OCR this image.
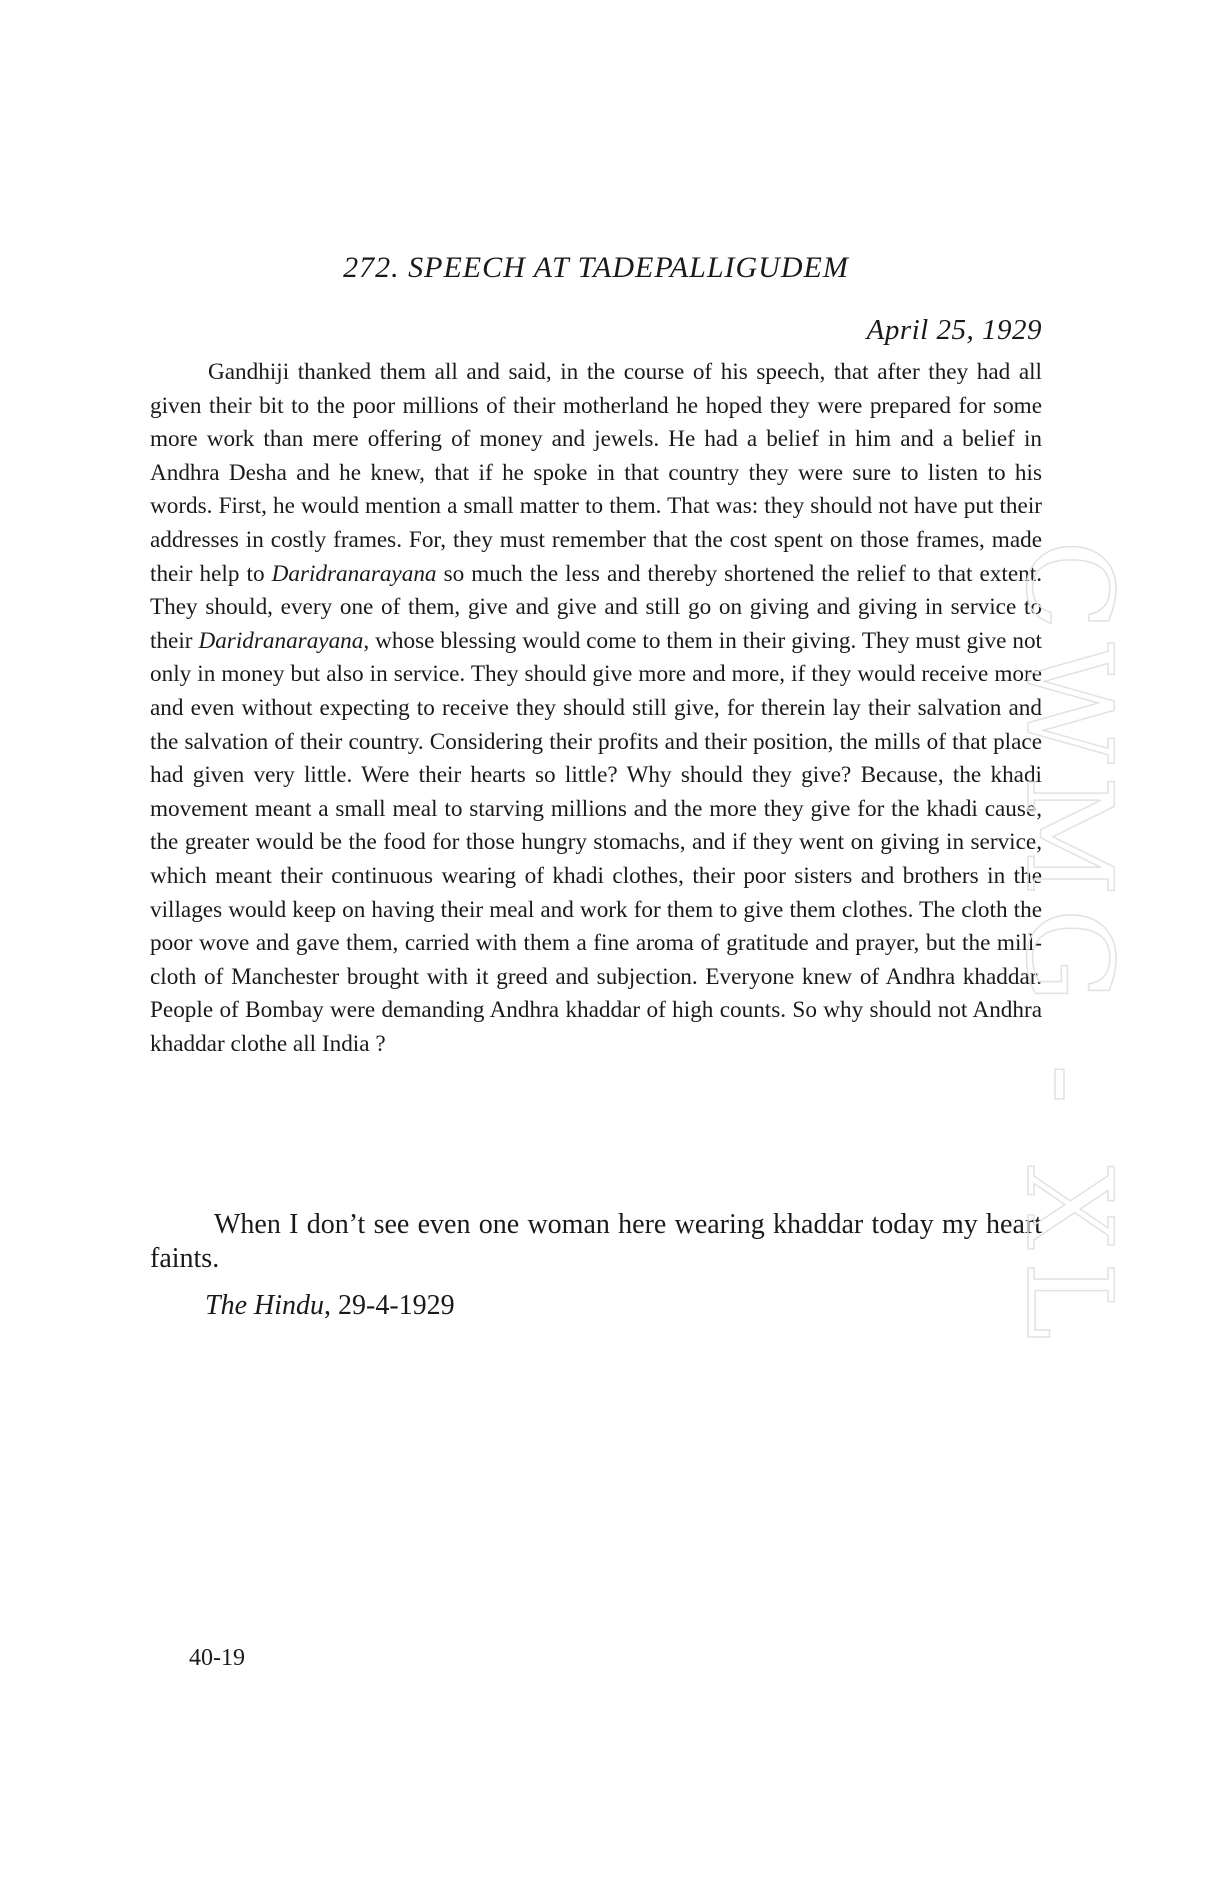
272. SPEECH AT TADEPALLIGUDEM
April 25, 1929

Gandhiji thanked them all and said, in the course of his speech, that after they had all given their bit to the poor millions of their motherland he hoped they were prepared for some more work than mere offering of money and jewels. He had a belief in him and a belief in Andhra Desha and he knew, that if he spoke in that country they were sure to listen to his words. First, he would mention a small matter to them. That was: they should not have put their addresses in costly frames. For, they must remember that the cost spent on those frames, made their help to Daridranarayana so much the less and thereby shortened the relief to that extent. They should, every one of them, give and give and still go on giving and giving in service to their Daridranarayana, whose blessing would come to them in their giving. They must give not only in money but also in service. They should give more and more, if they would receive more and even without expecting to receive they should still give, for therein lay their salvation and the salvation of their country. Considering their profits and their position, the mills of that place had given very little. Were their hearts so little? Why should they give? Because, the khadi movement meant a small meal to starving millions and the more they give for the khadi cause, the greater would be the food for those hungry stomachs, and if they went on giving in service, which meant their continuous wearing of khadi clothes, their poor sisters and brothers in the villages would keep on having their meal and work for them to give them clothes. The cloth the poor wove and gave them, carried with them a fine aroma of gratitude and prayer, but the mill-cloth of Manchester brought with it greed and subjection. Everyone knew of Andhra khaddar. People of Bombay were demanding Andhra khaddar of high counts. So why should not Andhra khaddar clothe all India ?

When I don’t see even one woman here wearing khaddar today my heart faints.

The Hindu, 29-4-1929

40-19
CWMG - XL
